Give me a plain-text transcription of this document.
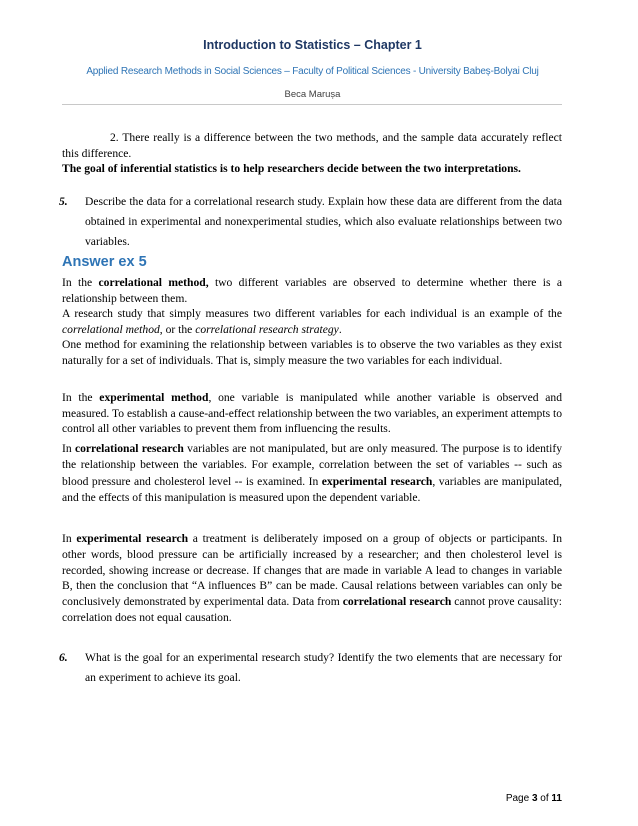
Introduction to Statistics – Chapter 1
Applied Research Methods in Social Sciences – Faculty of Political Sciences - University Babeș-Bolyai Cluj
Beca Marușa

2. There really is a difference between the two methods, and the sample data accurately reflect this difference.

The goal of inferential statistics is to help researchers decide between the two interpretations.

5. Describe the data for a correlational research study. Explain how these data are different from the data obtained in experimental and nonexperimental studies, which also evaluate relationships between two variables.
Answer ex 5

In the correlational method, two different variables are observed to determine whether there is a relationship between them.

A research study that simply measures two different variables for each individual is an example of the correlational method, or the correlational research strategy.

One method for examining the relationship between variables is to observe the two variables as they exist naturally for a set of individuals. That is, simply measure the two variables for each individual.

In the experimental method, one variable is manipulated while another variable is observed and measured. To establish a cause-and-effect relationship between the two variables, an experiment attempts to control all other variables to prevent them from influencing the results.

In correlational research variables are not manipulated, but are only measured. The purpose is to identify the relationship between the variables. For example, correlation between the set of variables -- such as blood pressure and cholesterol level -- is examined. In experimental research, variables are manipulated, and the effects of this manipulation is measured upon the dependent variable.

In experimental research a treatment is deliberately imposed on a group of objects or participants. In other words, blood pressure can be artificially increased by a researcher; and then cholesterol level is recorded, showing increase or decrease. If changes that are made in variable A lead to changes in variable B, then the conclusion that “A influences B” can be made. Causal relations between variables can only be conclusively demonstrated by experimental data. Data from correlational research cannot prove causality: correlation does not equal causation.

6. What is the goal for an experimental research study? Identify the two elements that are necessary for an experiment to achieve its goal.
Page 3 of 11
